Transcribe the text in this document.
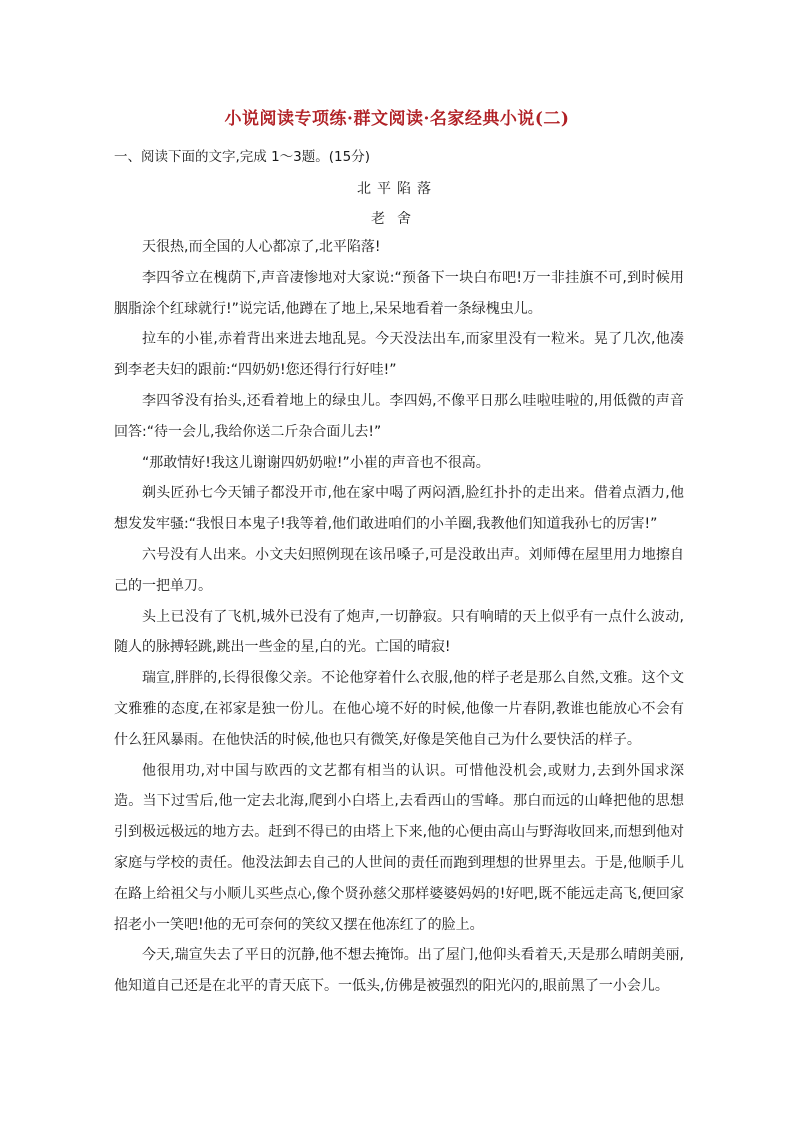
小说阅读专项练·群文阅读·名家经典小说(二)
一、阅读下面的文字,完成 1～3题。(15分)
北平陷落
老舍

天很热,而全国的人心都凉了,北平陷落!

李四爷立在槐荫下,声音凄惨地对大家说:“预备下一块白布吧!万一非挂旗不可,到时候用胭脂涂个红球就行!”说完话,他蹲在了地上,呆呆地看着一条绿槐虫儿。

拉车的小崔,赤着背出来进去地乱晃。今天没法出车,而家里没有一粒米。晃了几次,他凑到李老夫妇的跟前:“四奶奶!您还得行行好哇!”

李四爷没有抬头,还看着地上的绿虫儿。李四妈,不像平日那么哇啦哇啦的,用低微的声音回答:“待一会儿,我给你送二斤杂合面儿去!”

“那敢情好!我这儿谢谢四奶奶啦!”小崔的声音也不很高。

剃头匠孙七今天铺子都没开市,他在家中喝了两闷酒,脸红扑扑的走出来。借着点酒力,他想发发牢骚:“我恨日本鬼子!我等着,他们敢进咱们的小羊圈,我教他们知道我孙七的厉害!”

六号没有人出来。小文夫妇照例现在该吊嗓子,可是没敢出声。刘师傅在屋里用力地擦自己的一把单刀。

头上已没有了飞机,城外已没有了炮声,一切静寂。只有响晴的天上似乎有一点什么波动,随人的脉搏轻跳,跳出一些金的星,白的光。亡国的晴寂!

瑞宣,胖胖的,长得很像父亲。不论他穿着什么衣服,他的样子老是那么自然,文雅。这个文文雅雅的态度,在祁家是独一份儿。在他心境不好的时候,他像一片春阴,教谁也能放心不会有什么狂风暴雨。在他快活的时候,他也只有微笑,好像是笑他自己为什么要快活的样子。

他很用功,对中国与欧西的文艺都有相当的认识。可惜他没机会,或财力,去到外国求深造。当下过雪后,他一定去北海,爬到小白塔上,去看西山的雪峰。那白而远的山峰把他的思想引到极远极远的地方去。赶到不得已的由塔上下来,他的心便由高山与野海收回来,而想到他对家庭与学校的责任。他没法卸去自己的人世间的责任而跑到理想的世界里去。于是,他顺手儿在路上给祖父与小顺儿买些点心,像个贤孙慈父那样婆婆妈妈的!好吧,既不能远走高飞,便回家招老小一笑吧!他的无可奈何的笑纹又摆在他冻红了的脸上。

今天,瑞宣失去了平日的沉静,他不想去掩饰。出了屋门,他仰头看着天,天是那么晴朗美丽,他知道自己还是在北平的青天底下。一低头,仿佛是被强烈的阳光闪的,眼前黑了一小会儿。
